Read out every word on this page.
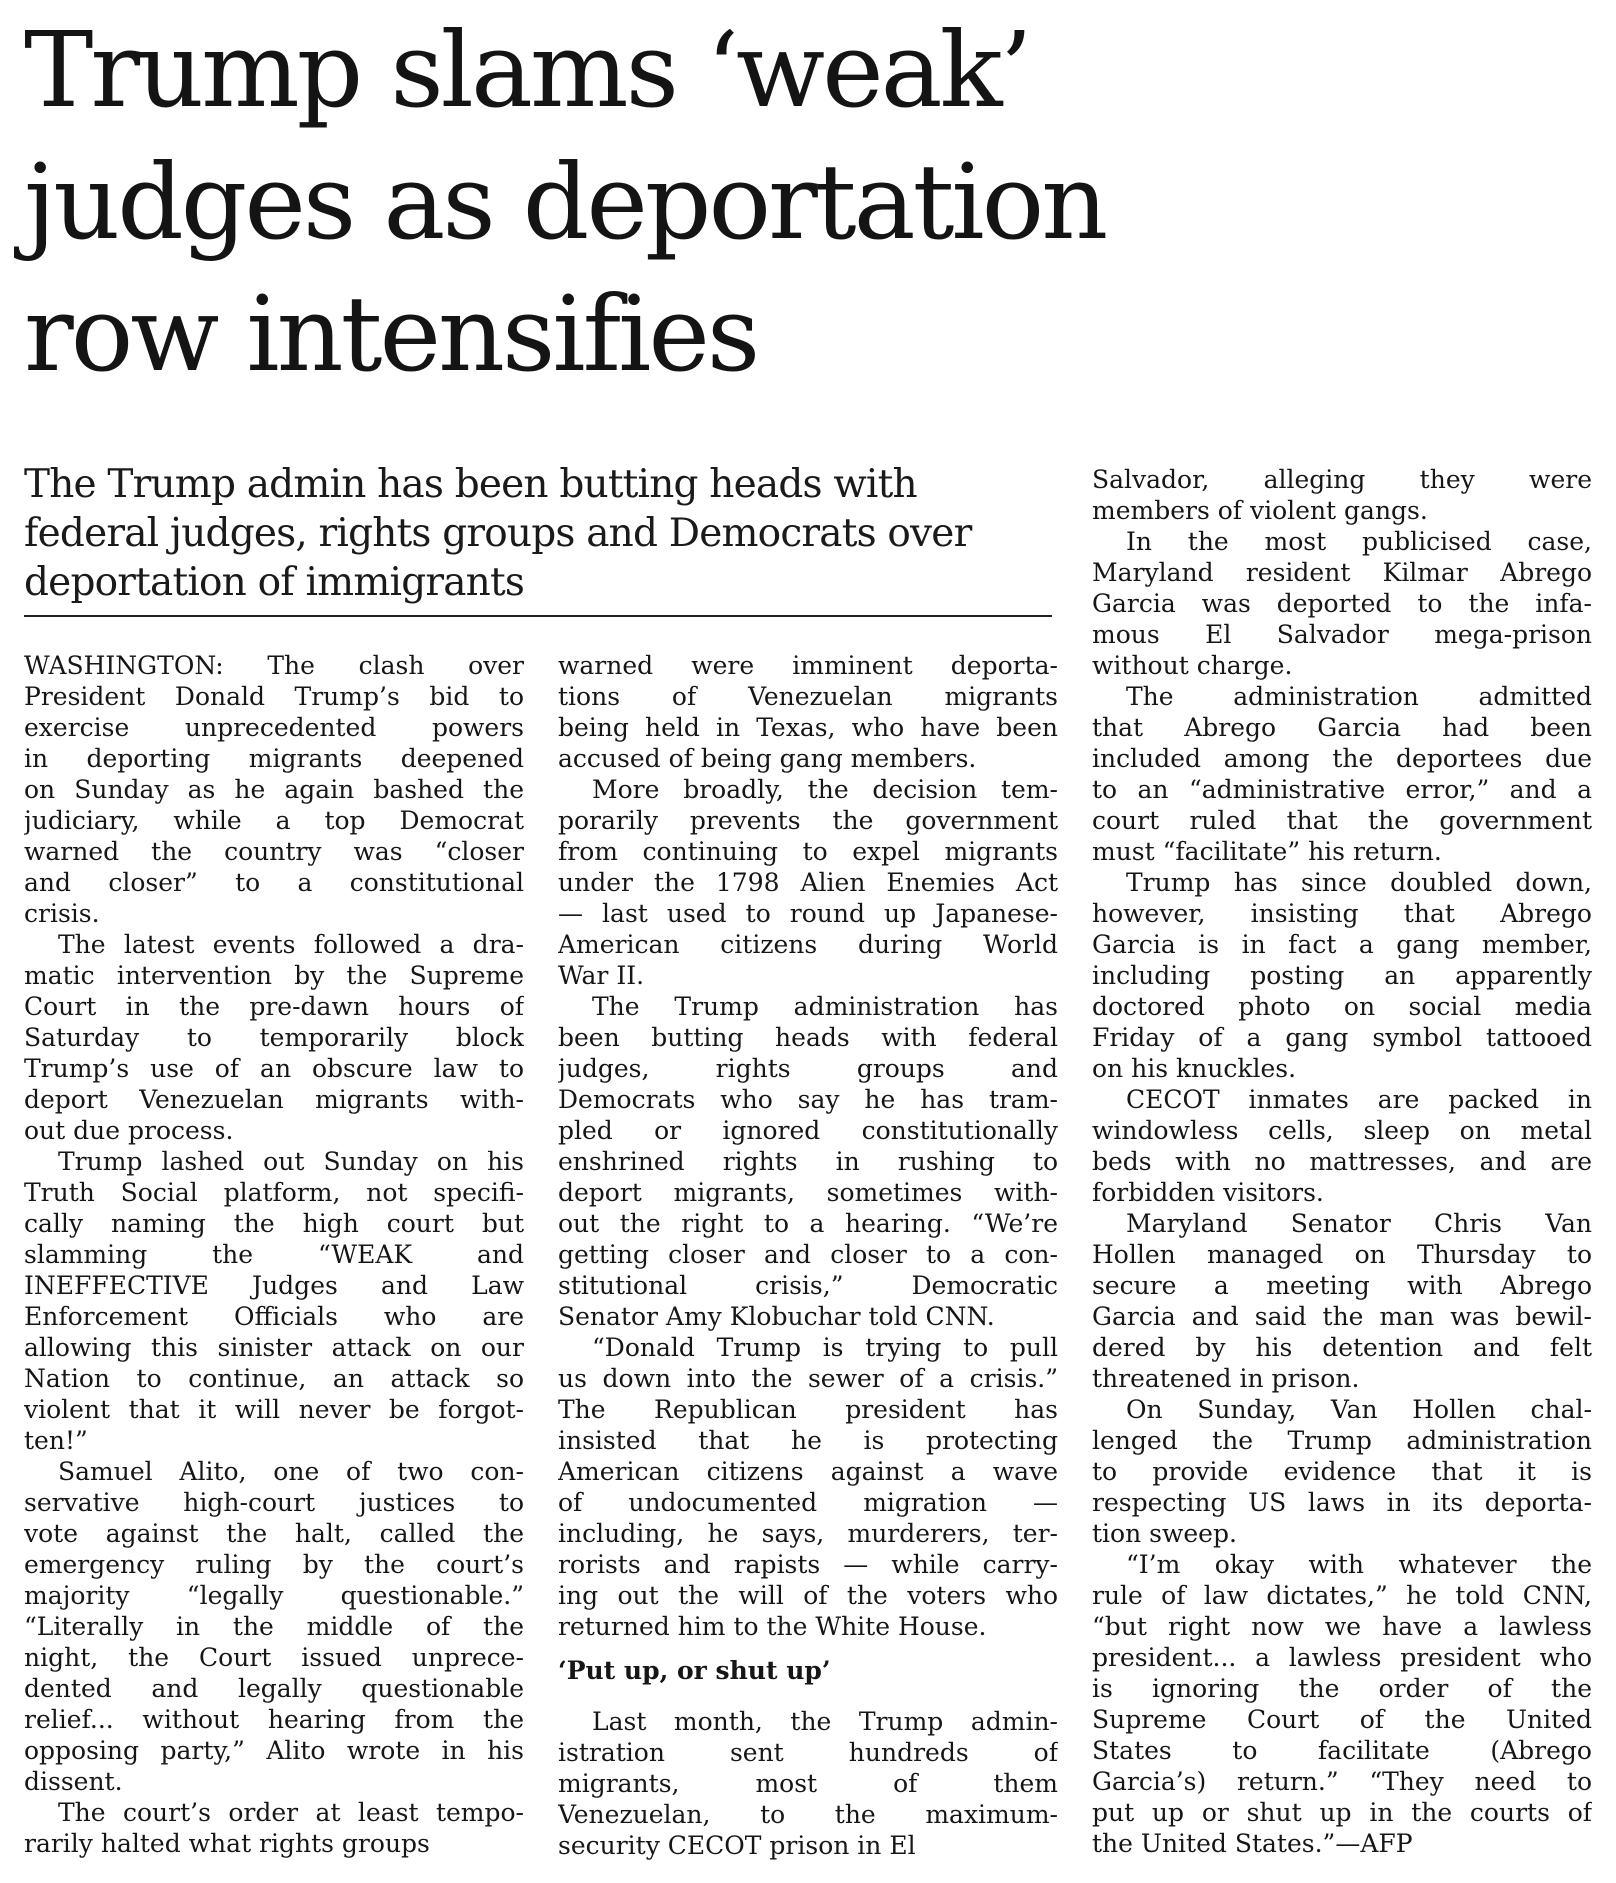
Trump slams ‘weak’
judges as deportation
row intensifies
The Trump admin has been butting heads with
federal judges, rights groups and Democrats over
deportation of immigrants
WASHINGTON: The clash over
President Donald Trump’s bid to
exercise unprecedented powers
in deporting migrants deepened
on Sunday as he again bashed the
judiciary, while a top Democrat
warned the country was “closer
and closer” to a constitutional
crisis.
The latest events followed a dra-
matic intervention by the Supreme
Court in the pre-dawn hours of
Saturday to temporarily block
Trump’s use of an obscure law to
deport Venezuelan migrants with-
out due process.
Trump lashed out Sunday on his
Truth Social platform, not specifi-
cally naming the high court but
slamming the “WEAK and
INEFFECTIVE Judges and Law
Enforcement Officials who are
allowing this sinister attack on our
Nation to continue, an attack so
violent that it will never be forgot-
ten!”
Samuel Alito, one of two con-
servative high-court justices to
vote against the halt, called the
emergency ruling by the court’s
majority “legally questionable.”
“Literally in the middle of the
night, the Court issued unprece-
dented and legally questionable
relief... without hearing from the
opposing party,” Alito wrote in his
dissent.
The court’s order at least tempo-
rarily halted what rights groups
warned were imminent deporta-
tions of Venezuelan migrants
being held in Texas, who have been
accused of being gang members.
More broadly, the decision tem-
porarily prevents the government
from continuing to expel migrants
under the 1798 Alien Enemies Act
— last used to round up Japanese-
American citizens during World
War II.
The Trump administration has
been butting heads with federal
judges, rights groups and
Democrats who say he has tram-
pled or ignored constitutionally
enshrined rights in rushing to
deport migrants, sometimes with-
out the right to a hearing. “We’re
getting closer and closer to a con-
stitutional crisis,” Democratic
Senator Amy Klobuchar told CNN.
“Donald Trump is trying to pull
us down into the sewer of a crisis.”
The Republican president has
insisted that he is protecting
American citizens against a wave
of undocumented migration —
including, he says, murderers, ter-
rorists and rapists — while carry-
ing out the will of the voters who
returned him to the White House.
‘Put up, or shut up’
Last month, the Trump admin-
istration sent hundreds of
migrants, most of them
Venezuelan, to the maximum-
security CECOT prison in El
Salvador, alleging they were
members of violent gangs.
In the most publicised case,
Maryland resident Kilmar Abrego
Garcia was deported to the infa-
mous El Salvador mega-prison
without charge.
The administration admitted
that Abrego Garcia had been
included among the deportees due
to an “administrative error,” and a
court ruled that the government
must “facilitate” his return.
Trump has since doubled down,
however, insisting that Abrego
Garcia is in fact a gang member,
including posting an apparently
doctored photo on social media
Friday of a gang symbol tattooed
on his knuckles.
CECOT inmates are packed in
windowless cells, sleep on metal
beds with no mattresses, and are
forbidden visitors.
Maryland Senator Chris Van
Hollen managed on Thursday to
secure a meeting with Abrego
Garcia and said the man was bewil-
dered by his detention and felt
threatened in prison.
On Sunday, Van Hollen chal-
lenged the Trump administration
to provide evidence that it is
respecting US laws in its deporta-
tion sweep.
“I’m okay with whatever the
rule of law dictates,” he told CNN,
“but right now we have a lawless
president... a lawless president who
is ignoring the order of the
Supreme Court of the United
States to facilitate (Abrego
Garcia’s) return.” “They need to
put up or shut up in the courts of
the United States.”—AFP
